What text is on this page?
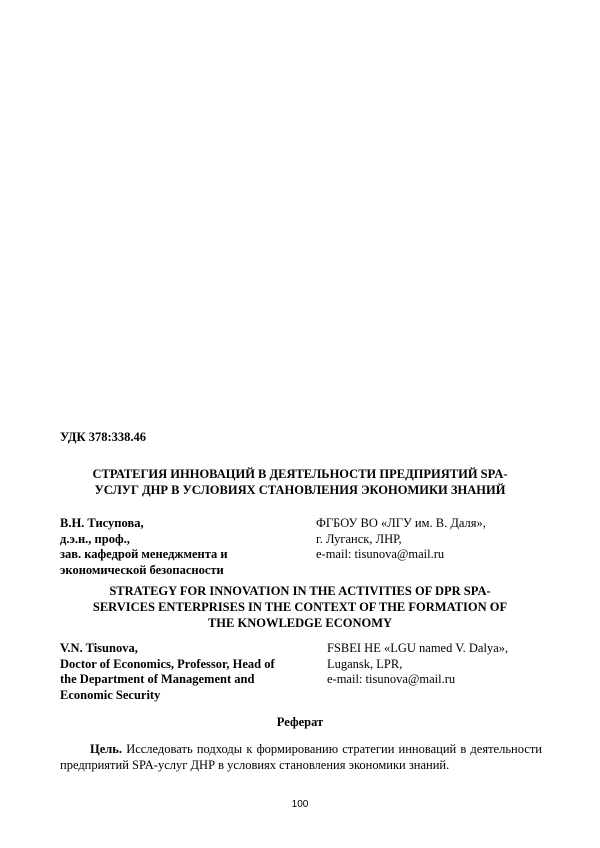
УДК 378:338.46
СТРАТЕГИЯ ИННОВАЦИЙ В ДЕЯТЕЛЬНОСТИ ПРЕДПРИЯТИЙ SPA-
УСЛУГ ДНР В УСЛОВИЯХ СТАНОВЛЕНИЯ ЭКОНОМИКИ ЗНАНИЙ
В.Н. Тисупова,
д.э.н., проф.,
зав. кафедрой менеджмента и
экономической безопасности
ФГБОУ ВО «ЛГУ им. В. Даля»,
г. Луганск, ЛНР,
e-mail: tisunova@mail.ru
STRATEGY FOR INNOVATION IN THE ACTIVITIES OF DPR SPA-
SERVICES ENTERPRISES IN THE CONTEXT OF THE FORMATION OF
THE KNOWLEDGE ECONOMY
V.N. Tisunova,
Doctor of Economics, Professor, Head of
the Department of Management and
Economic Security
FSBEI HE «LGU named V. Dalya»,
Lugansk, LPR,
e-mail: tisunova@mail.ru
Реферат
Цель. Исследовать подходы к формированию стратегии инноваций в деятельности предприятий SPA-услуг ДНР в условиях становления экономики знаний.
100
